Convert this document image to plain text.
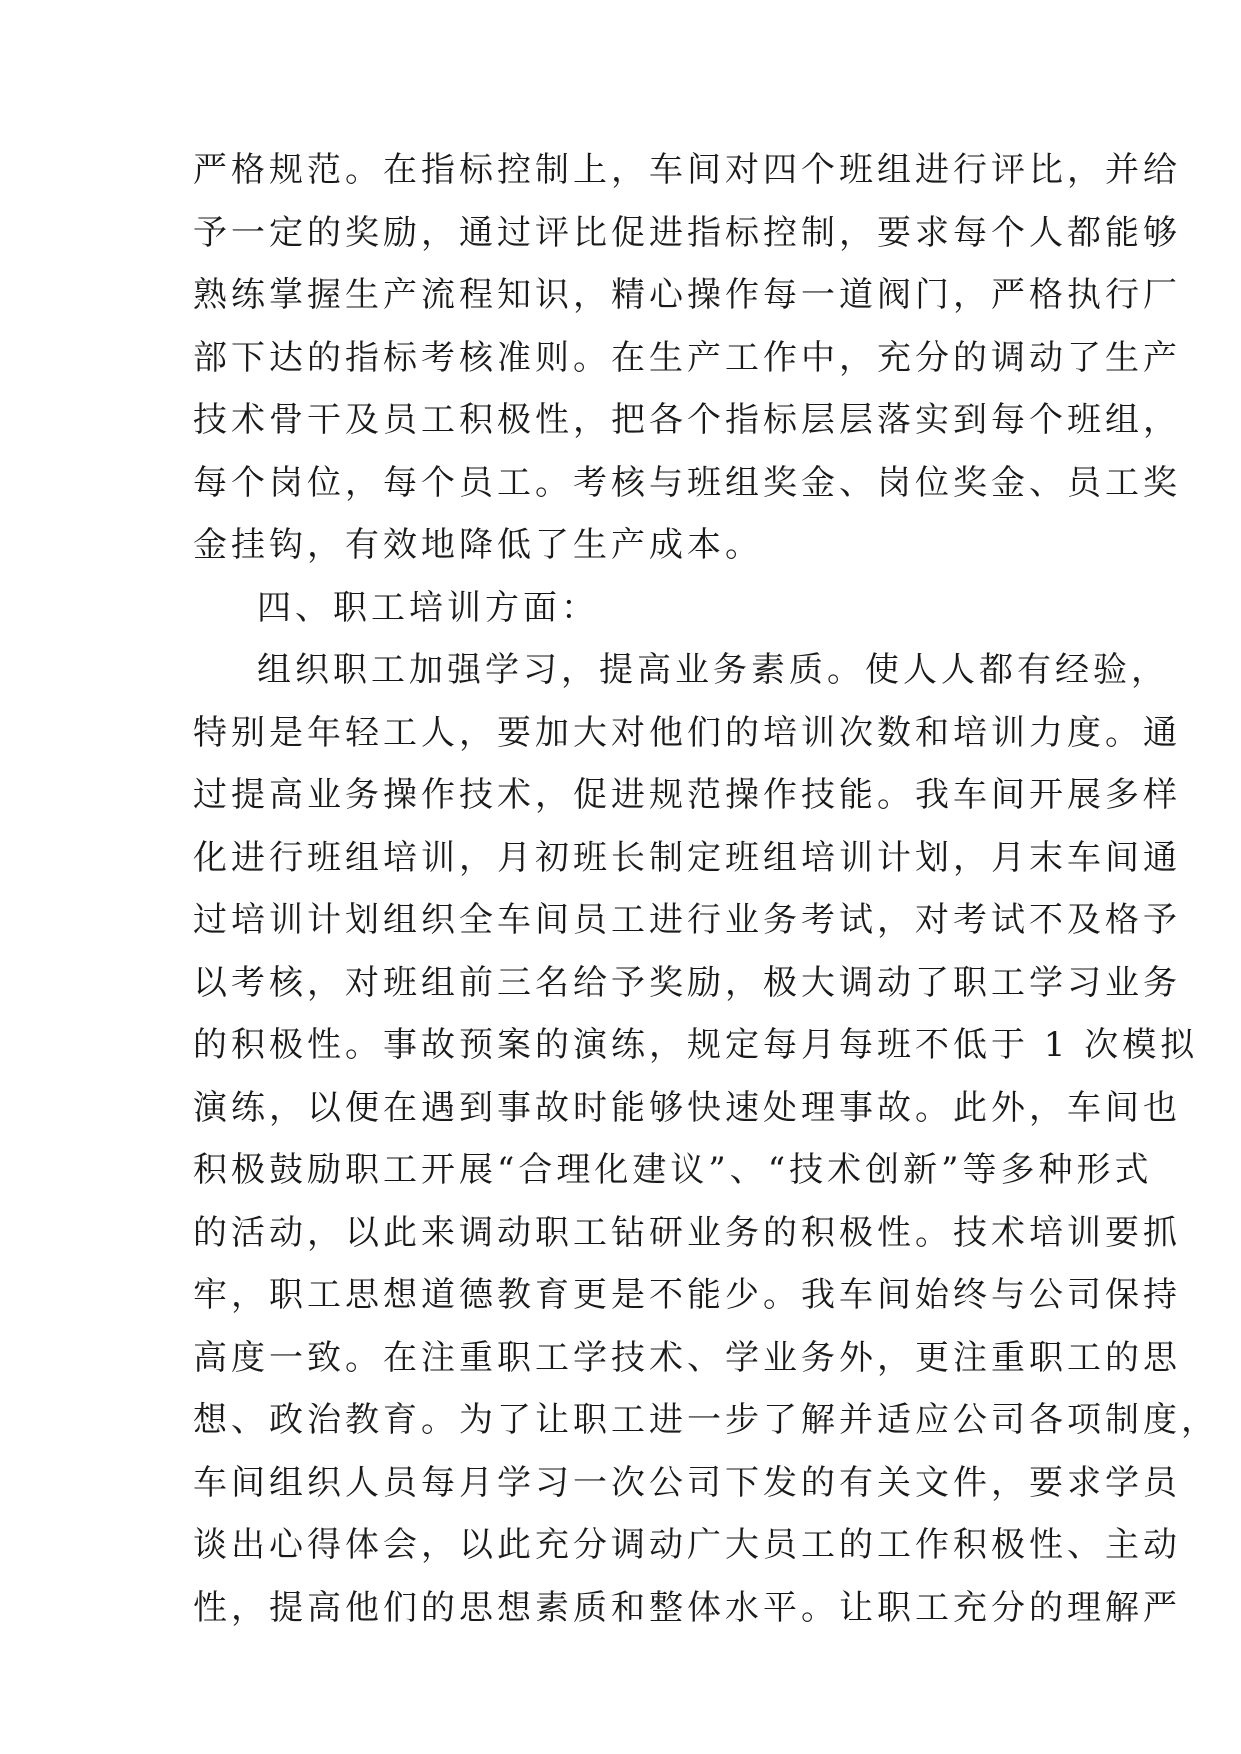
严格规范。在指标控制上，车间对四个班组进行评比，并给
予一定的奖励，通过评比促进指标控制，要求每个人都能够
熟练掌握生产流程知识，精心操作每一道阀门，严格执行厂
部下达的指标考核准则。在生产工作中，充分的调动了生产
技术骨干及员工积极性，把各个指标层层落实到每个班组，
每个岗位，每个员工。考核与班组奖金、岗位奖金、员工奖
金挂钩，有效地降低了生产成本。
四、职工培训方面：
组织职工加强学习，提高业务素质。使人人都有经验，
特别是年轻工人，要加大对他们的培训次数和培训力度。通
过提高业务操作技术，促进规范操作技能。我车间开展多样
化进行班组培训，月初班长制定班组培训计划，月末车间通
过培训计划组织全车间员工进行业务考试，对考试不及格予
以考核，对班组前三名给予奖励，极大调动了职工学习业务
的积极性。事故预案的演练，规定每月每班不低于 1 次模拟
演练，以便在遇到事故时能够快速处理事故。此外，车间也
积极鼓励职工开展“合理化建议”、“技术创新”等多种形式
的活动，以此来调动职工钻研业务的积极性。技术培训要抓
牢，职工思想道德教育更是不能少。我车间始终与公司保持
高度一致。在注重职工学技术、学业务外，更注重职工的思
想、政治教育。为了让职工进一步了解并适应公司各项制度，
车间组织人员每月学习一次公司下发的有关文件，要求学员
谈出心得体会，以此充分调动广大员工的工作积极性、主动
性，提高他们的思想素质和整体水平。让职工充分的理解严
